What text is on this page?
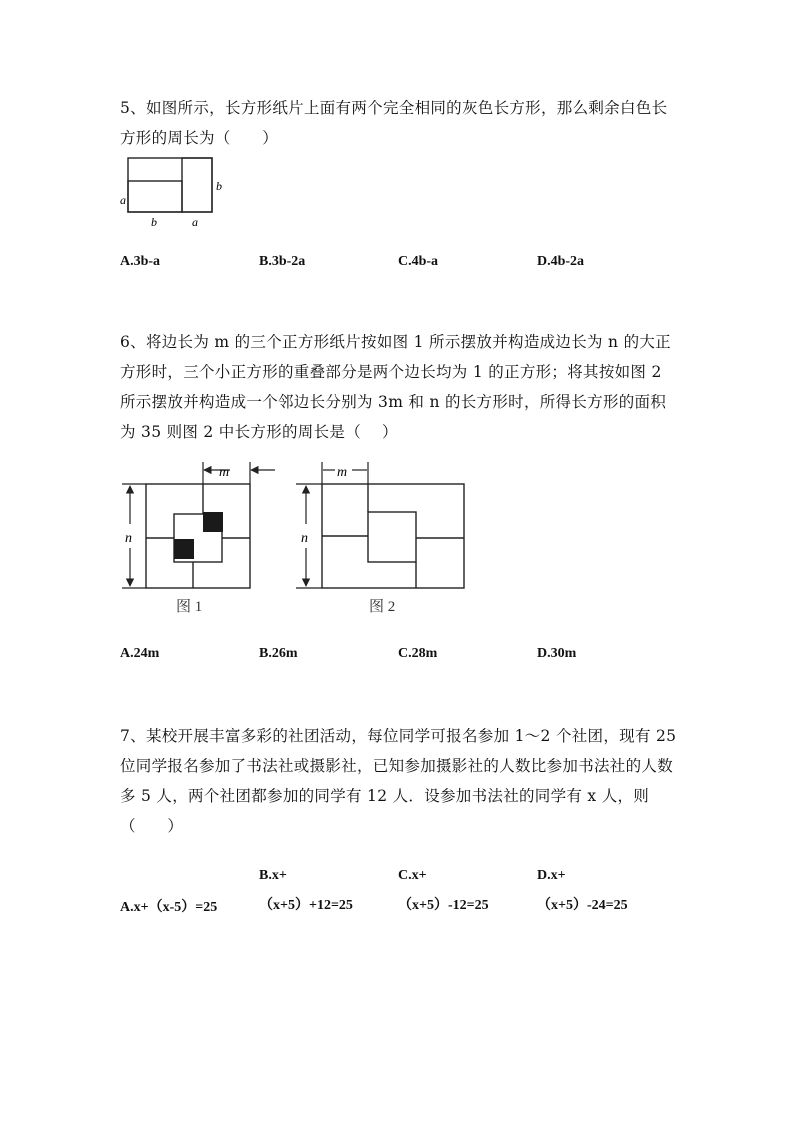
5、如图所示，长方形纸片上面有两个完全相同的灰色长方形，那么剩余白色长方形的周长为（　　）
a
b
b	a
A.3b-a	B.3b-2a	C.4b-a	D.4b-2a
6、将边长为 m 的三个正方形纸片按如图 1 所示摆放并构造成边长为 n 的大正方形时，三个小正方形的重叠部分是两个边长均为 1 的正方形；将其按如图 2 所示摆放并构造成一个邻边长分别为 3m 和 n 的长方形时，所得长方形的面积为 35 则图 2 中长方形的周长是（　 ）
m
n
图 1
m
n
图 2
A.24m	B.26m	C.28m	D.30m
7、某校开展丰富多彩的社团活动，每位同学可报名参加 1～2 个社团，现有 25 位同学报名参加了书法社或摄影社，已知参加摄影社的人数比参加书法社的人数多 5 人，两个社团都参加的同学有 12 人．设参加书法社的同学有 x 人，则（　　）
A.x+（x-5）=25
B.x+（x+5）+12=25
C.x+（x+5）-12=25
D.x+（x+5）-24=25
